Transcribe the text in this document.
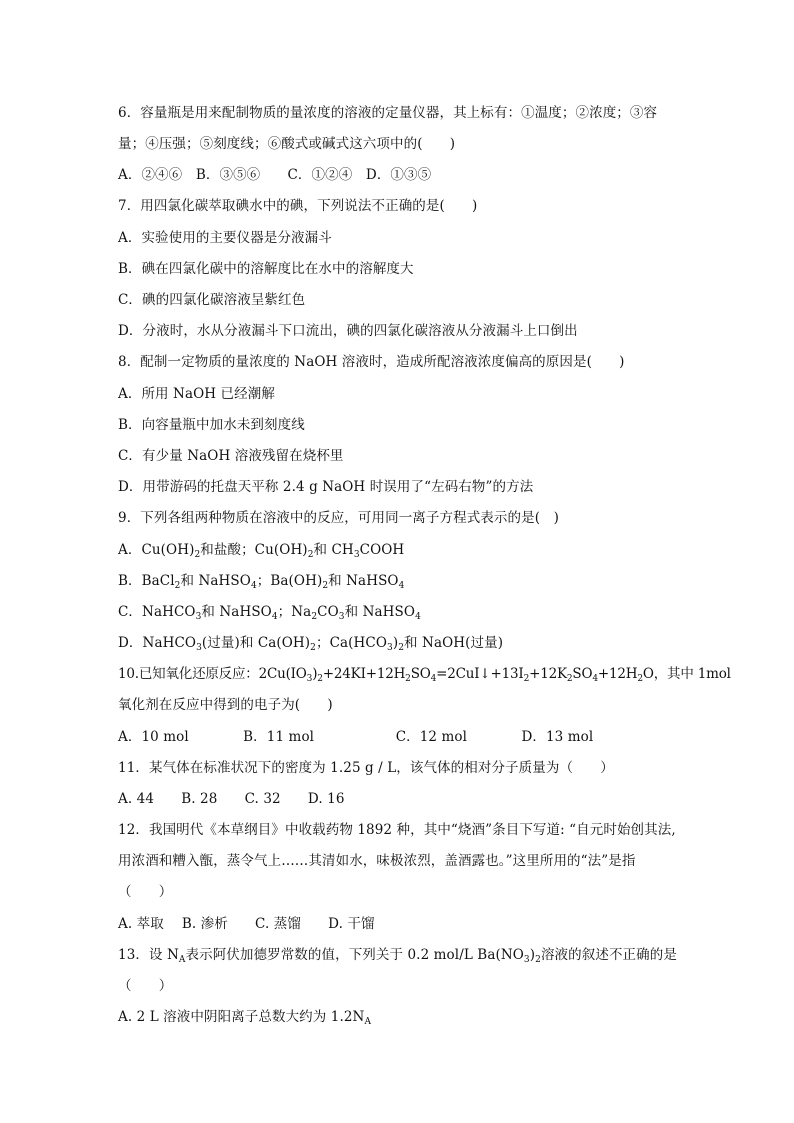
6．容量瓶是用来配制物质的量浓度的溶液的定量仪器，其上标有：①温度；②浓度；③容
量；④压强；⑤刻度线；⑥酸式或碱式这六项中的(　　)
A．②④⑥　B．③⑤⑥　　C．①②④　D．①③⑤
7．用四氯化碳萃取碘水中的碘，下列说法不正确的是(　　)
A．实验使用的主要仪器是分液漏斗
B．碘在四氯化碳中的溶解度比在水中的溶解度大
C．碘的四氯化碳溶液呈紫红色
D．分液时，水从分液漏斗下口流出，碘的四氯化碳溶液从分液漏斗上口倒出
8．配制一定物质的量浓度的 NaOH 溶液时，造成所配溶液浓度偏高的原因是(　　)
A．所用 NaOH 已经潮解
B．向容量瓶中加水未到刻度线
C．有少量 NaOH 溶液残留在烧杯里
D．用带游码的托盘天平称 2.4 g NaOH 时误用了“左码右物”的方法
9．下列各组两种物质在溶液中的反应，可用同一离子方程式表示的是(　)
A．$Cu(OH)_2$和盐酸；$Cu(OH)_2$和 $CH_3COOH$
B．BaCl$_2$和 NaHSO$_4$；$Ba(OH)_2$和 NaHSO$_4$
C．NaHCO$_3$和 NaHSO$_4$；$Na_2CO_3$和 NaHSO$_4$
D．NaHCO$_3$(过量)和 $Ca(OH)_2$；$Ca(HCO_3)_2$和 NaOH(过量)
10.已知氧化还原反应：$2Cu(IO_3)_2+24KI+12H_2SO_4=2CuI↓+13I_2+12K_2SO_4+12H_2O$，其中 1mol
氧化剂在反应中得到的电子为(　　)
A．10 mol　　　　B．11 mol　　　　　　C．12 mol　　　　D．13 mol
11．某气体在标准状况下的密度为 1.25 g / L，该气体的相对分子质量为（　　）
A. 44　　B. 28　　C. 32　　D. 16
12．我国明代《本草纲目》中收载药物 1892 种，其中“烧酒”条目下写道: “自元时始创其法,
用浓酒和糟入甑，蒸令气上……其清如水，味极浓烈，盖酒露也。”这里所用的“法”是指
（　　）
A. 萃取　 B. 渗析　　C. 蒸馏　　D. 干馏
13．设 $N_A$表示阿伏加德罗常数的值，下列关于 0.2 mol/L $Ba(NO_3)_2$溶液的叙述不正确的是
（　　）
A. 2 L 溶液中阴阳离子总数大约为 $1.2N_A$
